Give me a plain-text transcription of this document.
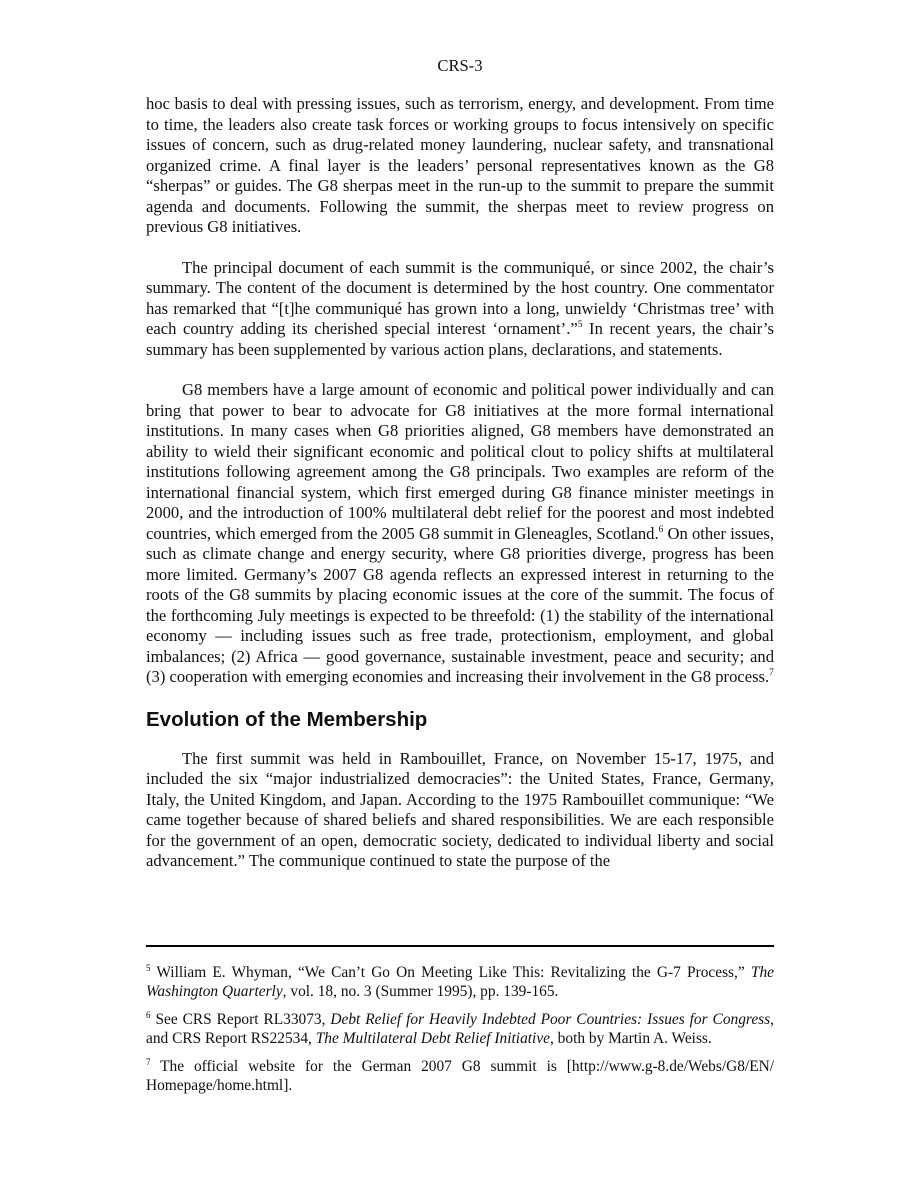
CRS-3

hoc basis to deal with pressing issues, such as terrorism, energy, and development. From time to time, the leaders also create task forces or working groups to focus intensively on specific issues of concern, such as drug-related money laundering, nuclear safety, and transnational organized crime. A final layer is the leaders’ personal representatives known as the G8 “sherpas” or guides. The G8 sherpas meet in the run-up to the summit to prepare the summit agenda and documents. Following the summit, the sherpas meet to review progress on previous G8 initiatives.

The principal document of each summit is the communiqué, or since 2002, the chair’s summary. The content of the document is determined by the host country. One commentator has remarked that “[t]he communiqué has grown into a long, unwieldy ‘Christmas tree’ with each country adding its cherished special interest ‘ornament’.”$^5$ In recent years, the chair’s summary has been supplemented by various action plans, declarations, and statements.

G8 members have a large amount of economic and political power individually and can bring that power to bear to advocate for G8 initiatives at the more formal international institutions. In many cases when G8 priorities aligned, G8 members have demonstrated an ability to wield their significant economic and political clout to policy shifts at multilateral institutions following agreement among the G8 principals. Two examples are reform of the international financial system, which first emerged during G8 finance minister meetings in 2000, and the introduction of 100% multilateral debt relief for the poorest and most indebted countries, which emerged from the 2005 G8 summit in Gleneagles, Scotland.$^6$ On other issues, such as climate change and energy security, where G8 priorities diverge, progress has been more limited. Germany’s 2007 G8 agenda reflects an expressed interest in returning to the roots of the G8 summits by placing economic issues at the core of the summit. The focus of the forthcoming July meetings is expected to be threefold: (1) the stability of the international economy — including issues such as free trade, protectionism, employment, and global imbalances; (2) Africa — good governance, sustainable investment, peace and security; and (3) cooperation with emerging economies and increasing their involvement in the G8 process.$^7$

Evolution of the Membership

The first summit was held in Rambouillet, France, on November 15-17, 1975, and included the six “major industrialized democracies”: the United States, France, Germany, Italy, the United Kingdom, and Japan. According to the 1975 Rambouillet communique: “We came together because of shared beliefs and shared responsibilities. We are each responsible for the government of an open, democratic society, dedicated to individual liberty and social advancement.” The communique continued to state the purpose of the

$^5$ William E. Whyman, “We Can’t Go On Meeting Like This: Revitalizing the G-7 Process,” The Washington Quarterly, vol. 18, no. 3 (Summer 1995), pp. 139-165.

$^6$ See CRS Report RL33073, Debt Relief for Heavily Indebted Poor Countries: Issues for Congress, and CRS Report RS22534, The Multilateral Debt Relief Initiative, both by Martin A. Weiss.

$^7$ The official website for the German 2007 G8 summit is [http://www.g-8.de/Webs/G8/EN/ Homepage/home.html].
